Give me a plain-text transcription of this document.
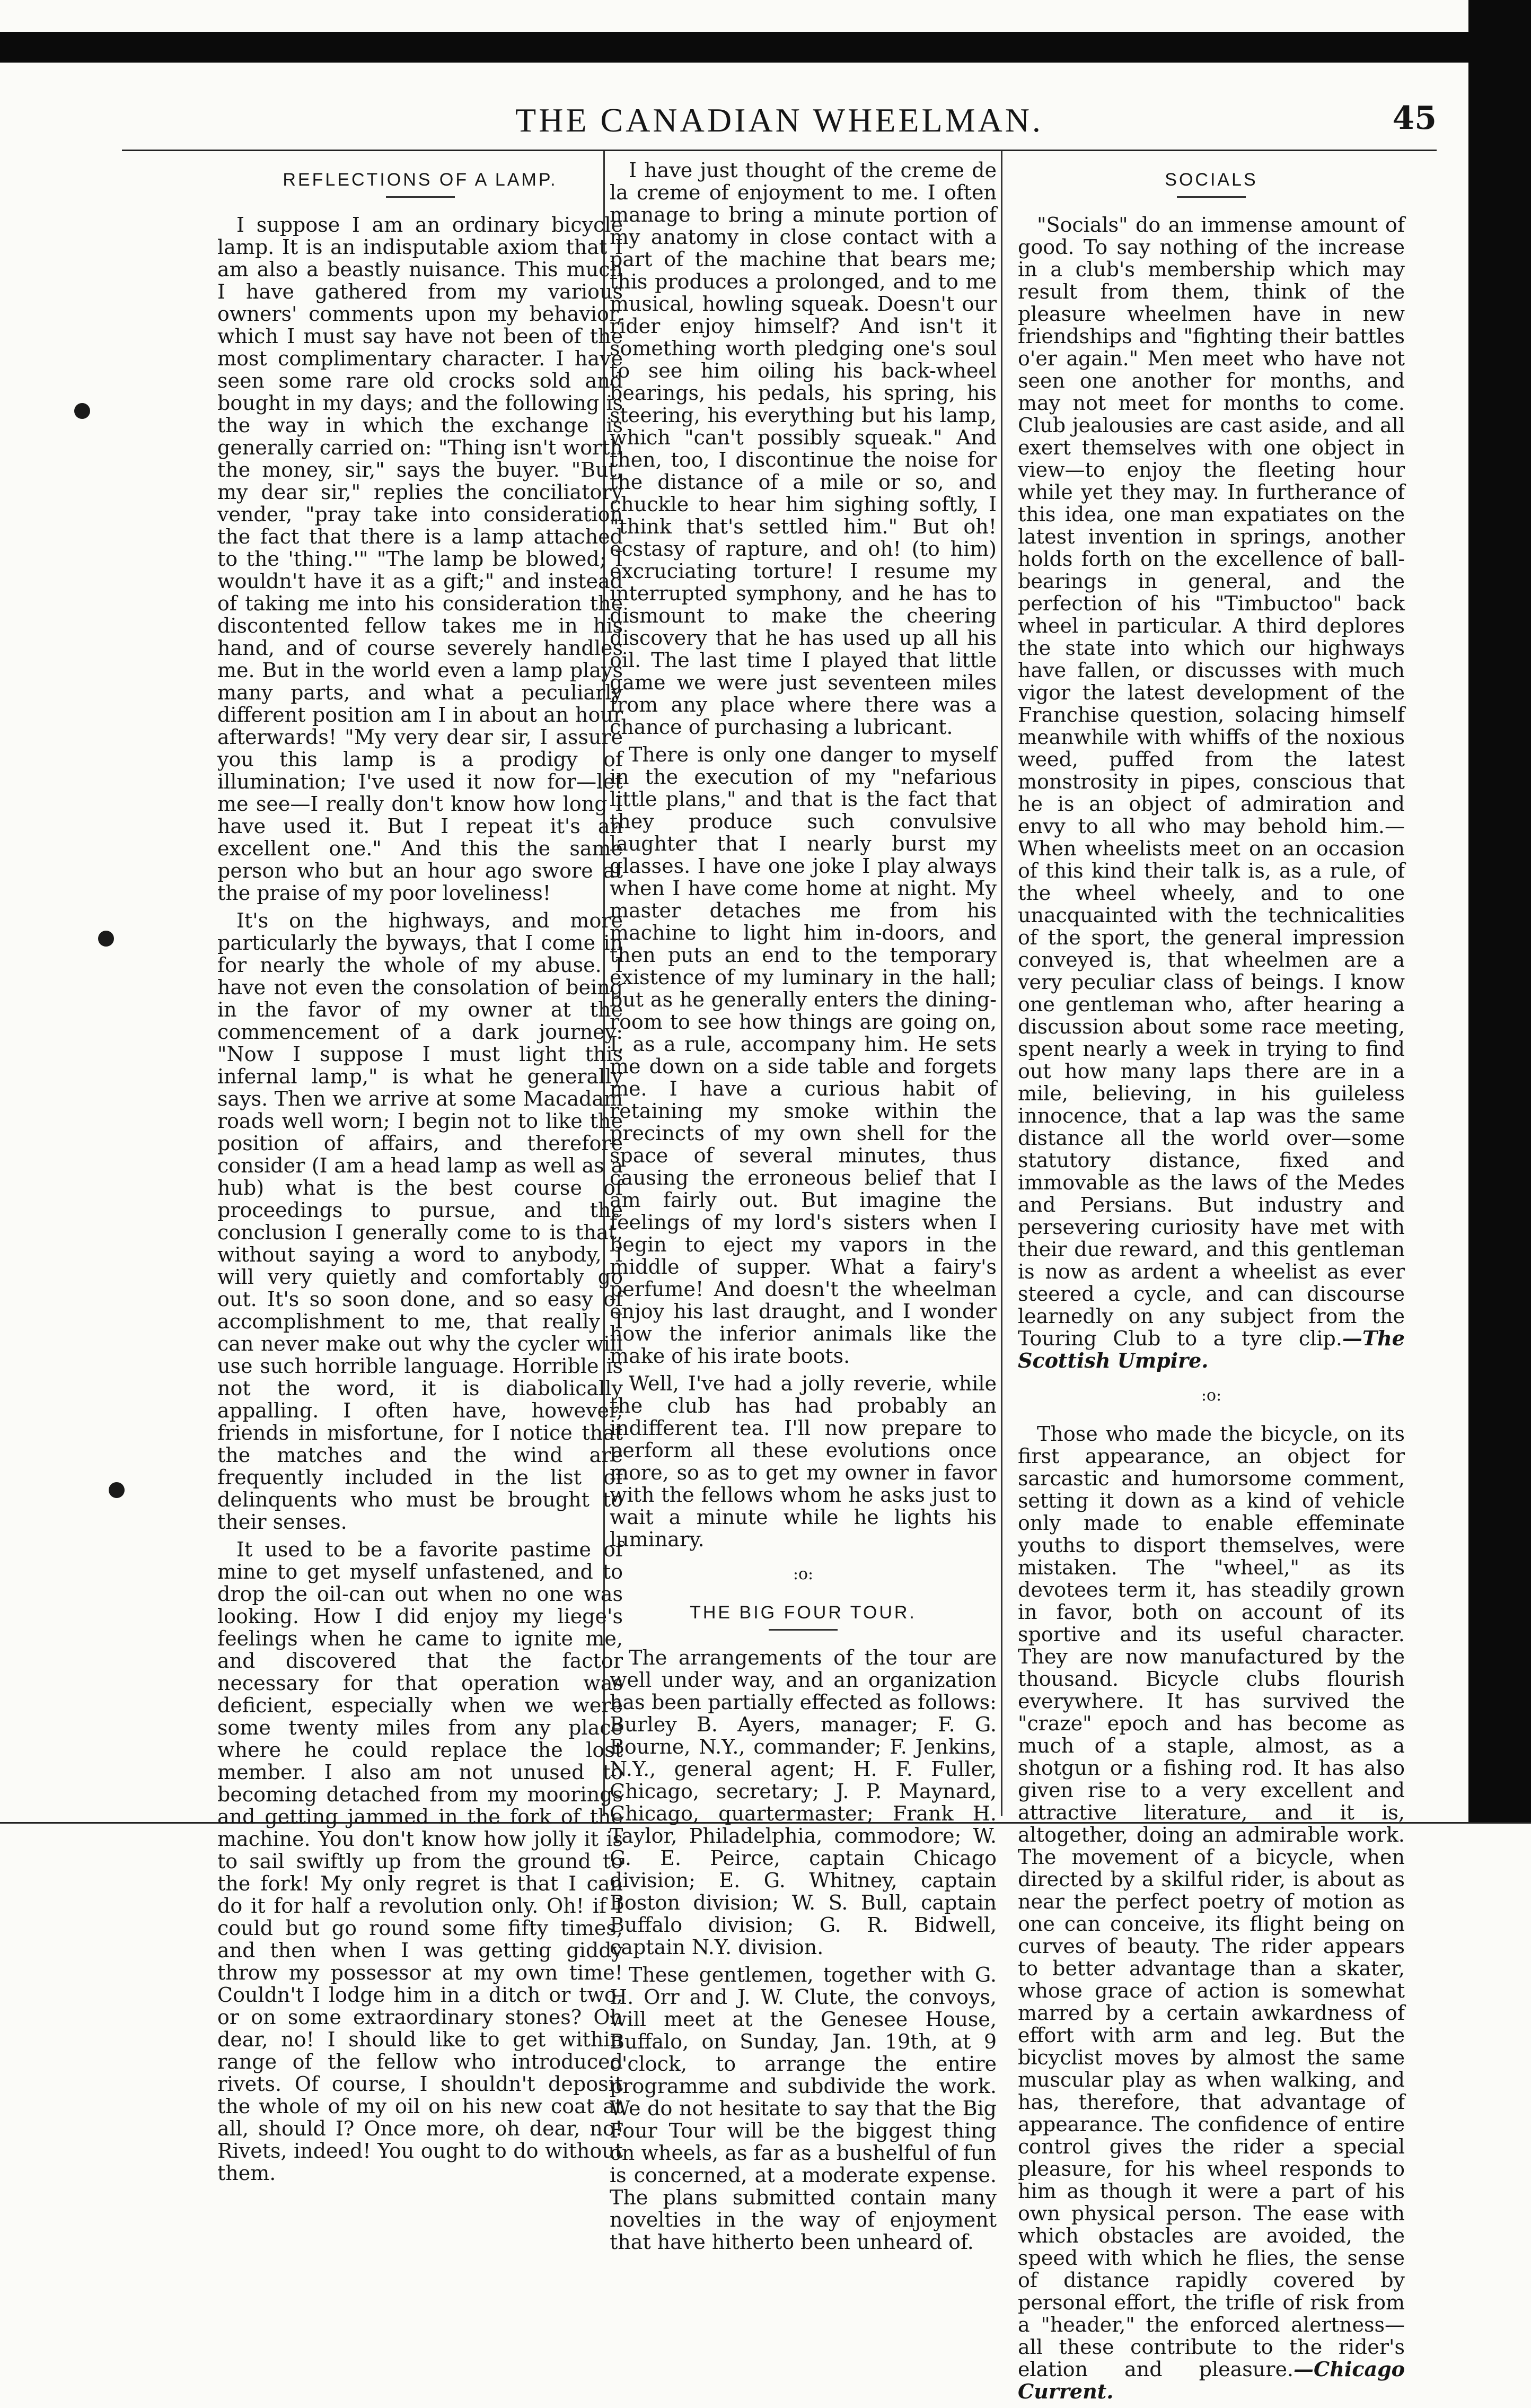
THE CANADIAN WHEELMAN.	45
REFLECTIONS OF A LAMP.

I suppose I am an ordinary bicycle lamp. It is an indisputable axiom that I am also a beastly nuisance. This much I have gathered from my various owners' comments upon my behavior, which I must say have not been of the most complimentary character. I have seen some rare old crocks sold and bought in my days; and the following is the way in which the exchange is generally carried on: "Thing isn't worth the money, sir," says the buyer. "But, my dear sir," replies the conciliatory vender, "pray take into consideration the fact that there is a lamp attached to the 'thing.'" "The lamp be blowed; I wouldn't have it as a gift;" and instead of taking me into his consideration the discontented fellow takes me in his hand, and of course severely handles me. But in the world even a lamp plays many parts, and what a peculiarly different position am I in about an hour afterwards! "My very dear sir, I assure you this lamp is a prodigy of illumination; I've used it now for—let me see—I really don't know how long I have used it. But I repeat it's an excellent one." And this the same person who but an hour ago swore at the praise of my poor loveliness!

It's on the highways, and more particularly the byways, that I come in for nearly the whole of my abuse. I have not even the consolation of being in the favor of my owner at the commencement of a dark journey: "Now I suppose I must light this infernal lamp," is what he generally says. Then we arrive at some Macadam roads well worn; I begin not to like the position of affairs, and therefore consider (I am a head lamp as well as a hub) what is the best course of proceedings to pursue, and the conclusion I generally come to is that, without saying a word to anybody, I will very quietly and comfortably go out. It's so soon done, and so easy of accomplishment to me, that really I can never make out why the cycler will use such horrible language. Horrible is not the word, it is diabolically appalling. I often have, however, friends in misfortune, for I notice that the matches and the wind are frequently included in the list of delinquents who must be brought to their senses.

It used to be a favorite pastime of mine to get myself unfastened, and to drop the oil-can out when no one was looking. How I did enjoy my liege's feelings when he came to ignite me, and discovered that the factor necessary for that operation was deficient, especially when we were some twenty miles from any place where he could replace the lost member. I also am not unused to becoming detached from my moorings and getting jammed in the fork of the machine. You don't know how jolly it is to sail swiftly up from the ground to the fork! My only regret is that I can do it for half a revolution only. Oh! if I could but go round some fifty times, and then when I was getting giddy throw my possessor at my own time! Couldn't I lodge him in a ditch or two, or on some extraordinary stones? Oh dear, no! I should like to get within range of the fellow who introduced rivets. Of course, I shouldn't deposit the whole of my oil on his new coat at all, should I? Once more, oh dear, no! Rivets, indeed! You ought to do without them.

I have just thought of the creme de la creme of enjoyment to me. I often manage to bring a minute portion of my anatomy in close contact with a part of the machine that bears me; this produces a prolonged, and to me musical, howling squeak. Doesn't our rider enjoy himself? And isn't it something worth pledging one's soul to see him oiling his back-wheel bearings, his pedals, his spring, his steering, his everything but his lamp, which "can't possibly squeak." And then, too, I discontinue the noise for the distance of a mile or so, and chuckle to hear him sighing softly, I "think that's settled him." But oh! ecstasy of rapture, and oh! (to him) excruciating torture! I resume my interrupted symphony, and he has to dismount to make the cheering discovery that he has used up all his oil. The last time I played that little game we were just seventeen miles from any place where there was a chance of purchasing a lubricant.

There is only one danger to myself in the execution of my "nefarious little plans," and that is the fact that they produce such convulsive laughter that I nearly burst my glasses. I have one joke I play always when I have come home at night. My master detaches me from his machine to light him in-doors, and then puts an end to the temporary existence of my luminary in the hall; but as he generally enters the dining-room to see how things are going on, I, as a rule, accompany him. He sets me down on a side table and forgets me. I have a curious habit of retaining my smoke within the precincts of my own shell for the space of several minutes, thus causing the erroneous belief that I am fairly out. But imagine the feelings of my lord's sisters when I begin to eject my vapors in the middle of supper. What a fairy's perfume! And doesn't the wheelman enjoy his last draught, and I wonder how the inferior animals like the make of his irate boots.

Well, I've had a jolly reverie, while the club has had probably an indifferent tea. I'll now prepare to perform all these evolutions once more, so as to get my owner in favor with the fellows whom he asks just to wait a minute while he lights his luminary.

:o:
THE BIG FOUR TOUR.

The arrangements of the tour are well under way, and an organization has been partially effected as follows: Burley B. Ayers, manager; F. G. Bourne, N.Y., commander; F. Jenkins, N.Y., general agent; H. F. Fuller, Chicago, secretary; J. P. Maynard, Chicago, quartermaster; Frank H. Taylor, Philadelphia, commodore; W. G. E. Peirce, captain Chicago division; E. G. Whitney, captain Boston division; W. S. Bull, captain Buffalo division; G. R. Bidwell, captain N.Y. division.

These gentlemen, together with G. H. Orr and J. W. Clute, the convoys, will meet at the Genesee House, Buffalo, on Sunday, Jan. 19th, at 9 o'clock, to arrange the entire programme and subdivide the work. We do not hesitate to say that the Big Four Tour will be the biggest thing on wheels, as far as a bushelful of fun is concerned, at a moderate expense. The plans submitted contain many novelties in the way of enjoyment that have hitherto been unheard of.

SOCIALS

"Socials" do an immense amount of good. To say nothing of the increase in a club's membership which may result from them, think of the pleasure wheelmen have in new friendships and "fighting their battles o'er again." Men meet who have not seen one another for months, and may not meet for months to come. Club jealousies are cast aside, and all exert themselves with one object in view—to enjoy the fleeting hour while yet they may. In furtherance of this idea, one man expatiates on the latest invention in springs, another holds forth on the excellence of ball-bearings in general, and the perfection of his "Timbuctoo" back wheel in particular. A third deplores the state into which our highways have fallen, or discusses with much vigor the latest development of the Franchise question, solacing himself meanwhile with whiffs of the noxious weed, puffed from the latest monstrosity in pipes, conscious that he is an object of admiration and envy to all who may behold him.—When wheelists meet on an occasion of this kind their talk is, as a rule, of the wheel wheely, and to one unacquainted with the technicalities of the sport, the general impression conveyed is, that wheelmen are a very peculiar class of beings. I know one gentleman who, after hearing a discussion about some race meeting, spent nearly a week in trying to find out how many laps there are in a mile, believing, in his guileless innocence, that a lap was the same distance all the world over—some statutory distance, fixed and immovable as the laws of the Medes and Persians. But industry and persevering curiosity have met with their due reward, and this gentleman is now as ardent a wheelist as ever steered a cycle, and can discourse learnedly on any subject from the Touring Club to a tyre clip.—The Scottish Umpire.

:o:

Those who made the bicycle, on its first appearance, an object for sarcastic and humorsome comment, setting it down as a kind of vehicle only made to enable effeminate youths to disport themselves, were mistaken. The "wheel," as its devotees term it, has steadily grown in favor, both on account of its sportive and its useful character. They are now manufactured by the thousand. Bicycle clubs flourish everywhere. It has survived the "craze" epoch and has become as much of a staple, almost, as a shotgun or a fishing rod. It has also given rise to a very excellent and attractive literature, and it is, altogether, doing an admirable work. The movement of a bicycle, when directed by a skilful rider, is about as near the perfect poetry of motion as one can conceive, its flight being on curves of beauty. The rider appears to better advantage than a skater, whose grace of action is somewhat marred by a certain awkardness of effort with arm and leg. But the bicyclist moves by almost the same muscular play as when walking, and has, therefore, that advantage of appearance. The confidence of entire control gives the rider a special pleasure, for his wheel responds to him as though it were a part of his own physical person. The ease with which obstacles are avoided, the speed with which he flies, the sense of distance rapidly covered by personal effort, the trifle of risk from a "header," the enforced alertness—all these contribute to the rider's elation and pleasure.—Chicago Current.
